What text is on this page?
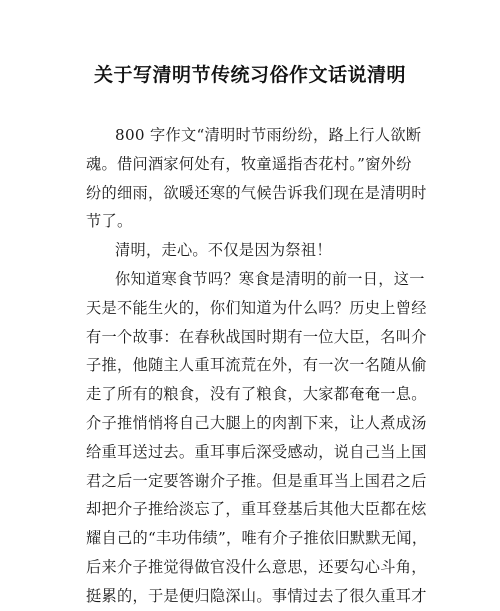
关于写清明节传统习俗作文话说清明
800 字作文“清明时节雨纷纷，路上行人欲断
魂。借问酒家何处有，牧童遥指杏花村。”窗外纷
纷的细雨，欲暖还寒的气候告诉我们现在是清明时
节了。
清明，走心。不仅是因为祭祖！
你知道寒食节吗？寒食是清明的前一日，这一
天是不能生火的，你们知道为什么吗？历史上曾经
有一个故事：在春秋战国时期有一位大臣，名叫介
子推，他随主人重耳流荒在外，有一次一名随从偷
走了所有的粮食，没有了粮食，大家都奄奄一息。
介子推悄悄将自己大腿上的肉割下来，让人煮成汤
给重耳送过去。重耳事后深受感动，说自己当上国
君之后一定要答谢介子推。但是重耳当上国君之后
却把介子推给淡忘了，重耳登基后其他大臣都在炫
耀自己的“丰功伟绩”，唯有介子推依旧默默无闻，
后来介子推觉得做官没什么意思，还要勾心斗角，
挺累的，于是便归隐深山。事情过去了很久重耳才
